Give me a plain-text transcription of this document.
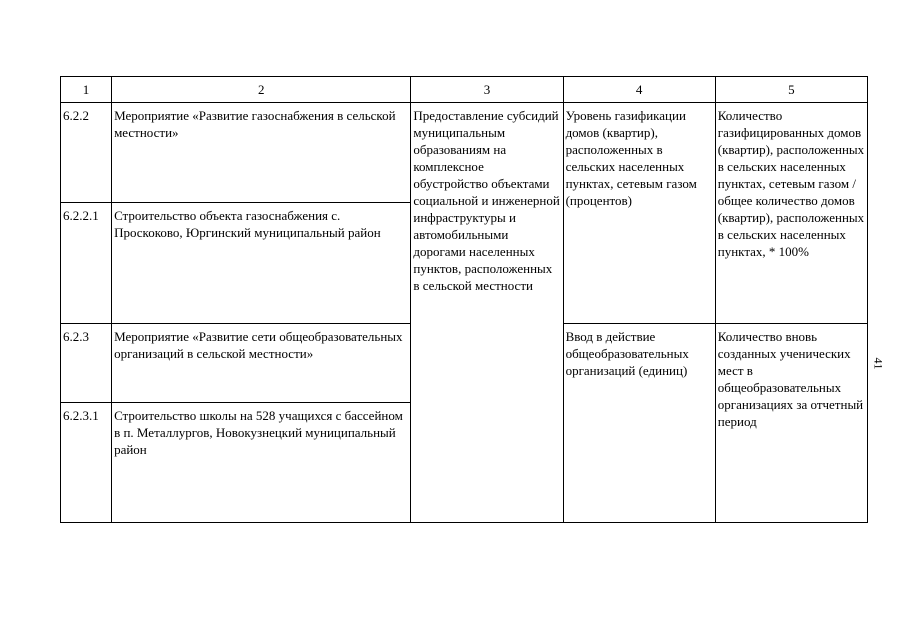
1	2	3	4	5
6.2.2	Мероприятие «Развитие газоснабжения в сельской местности»	Предоставление субсидий муниципальным образованиям на комплексное обустройство объектами социальной и инженерной инфраструктуры и автомобильными дорогами населенных пунктов, расположенных в сельской местности	Уровень газификации домов (квартир), расположенных в сельских населенных пунктах, сетевым газом (процентов)	Количество газифицированных домов (квартир), расположенных в сельских населенных пунктах, сетевым газом / общее количество домов (квартир), расположенных в сельских населенных пунктах, * 100%
6.2.2.1	Строительство объекта газоснабжения с. Проскоково, Юргинский муниципальный район			
6.2.3	Мероприятие «Развитие сети общеобразовательных организаций в сельской местности»		Ввод в действие общеобразовательных организаций (единиц)	Количество вновь созданных ученических мест в общеобразовательных организациях за отчетный период
6.2.3.1	Строительство школы на 528 учащихся с бассейном в п. Металлургов, Новокузнецкий муниципальный район			
41
